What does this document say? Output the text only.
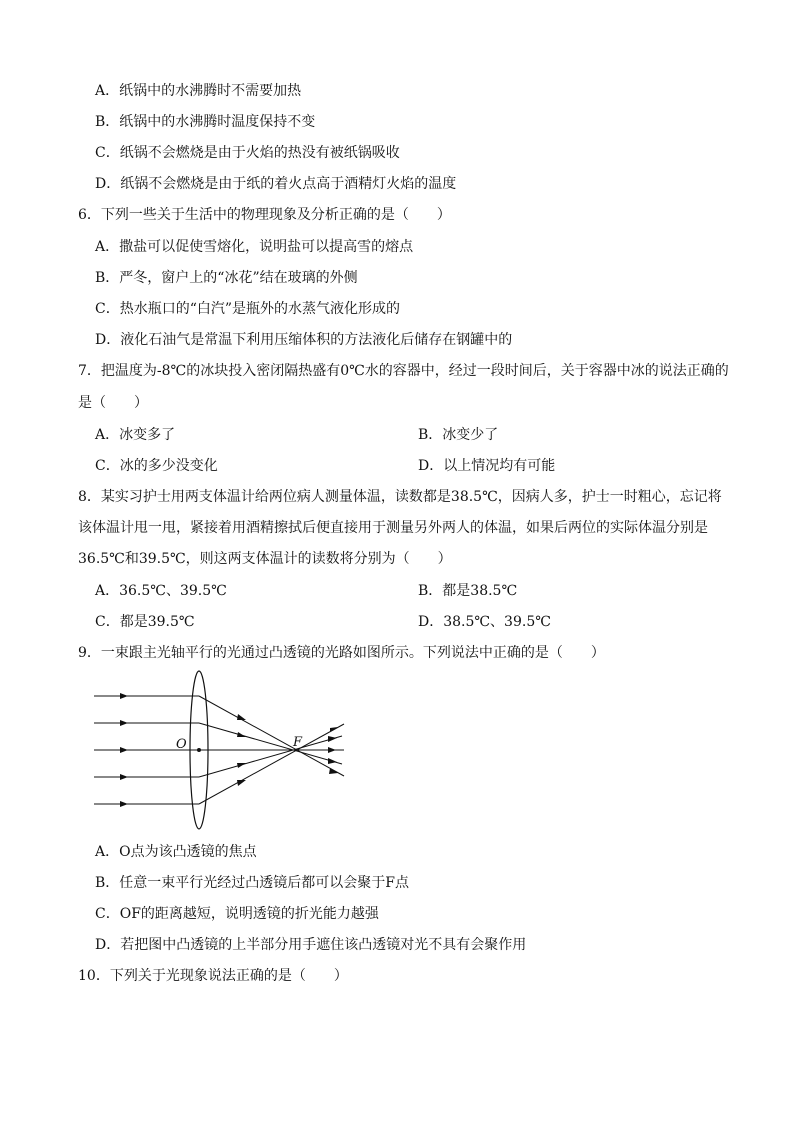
A．纸锅中的水沸腾时不需要加热
B．纸锅中的水沸腾时温度保持不变
C．纸锅不会燃烧是由于火焰的热没有被纸锅吸收
D．纸锅不会燃烧是由于纸的着火点高于酒精灯火焰的温度
6．下列一些关于生活中的物理现象及分析正确的是（　　）
A．撒盐可以促使雪熔化，说明盐可以提高雪的熔点
B．严冬，窗户上的“冰花”结在玻璃的外侧
C．热水瓶口的“白汽”是瓶外的水蒸气液化形成的
D．液化石油气是常温下利用压缩体积的方法液化后储存在钢罐中的
7．把温度为-8℃的冰块投入密闭隔热盛有0℃水的容器中，经过一段时间后，关于容器中冰的说法正确的
是（　　）
A．冰变多了	B．冰变少了
C．冰的多少没变化	D．以上情况均有可能
8．某实习护士用两支体温计给两位病人测量体温，读数都是38.5℃，因病人多，护士一时粗心，忘记将
该体温计甩一甩，紧接着用酒精擦拭后便直接用于测量另外两人的体温，如果后两位的实际体温分别是
36.5℃和39.5℃，则这两支体温计的读数将分别为（　　）
A．36.5℃、39.5℃	B．都是38.5℃
C．都是39.5℃	D．38.5℃、39.5℃
9．一束跟主光轴平行的光通过凸透镜的光路如图所示。下列说法中正确的是（　　）
O	F
A．O点为该凸透镜的焦点
B．任意一束平行光经过凸透镜后都可以会聚于F点
C．OF的距离越短，说明透镜的折光能力越强
D．若把图中凸透镜的上半部分用手遮住该凸透镜对光不具有会聚作用
10．下列关于光现象说法正确的是（　　）
